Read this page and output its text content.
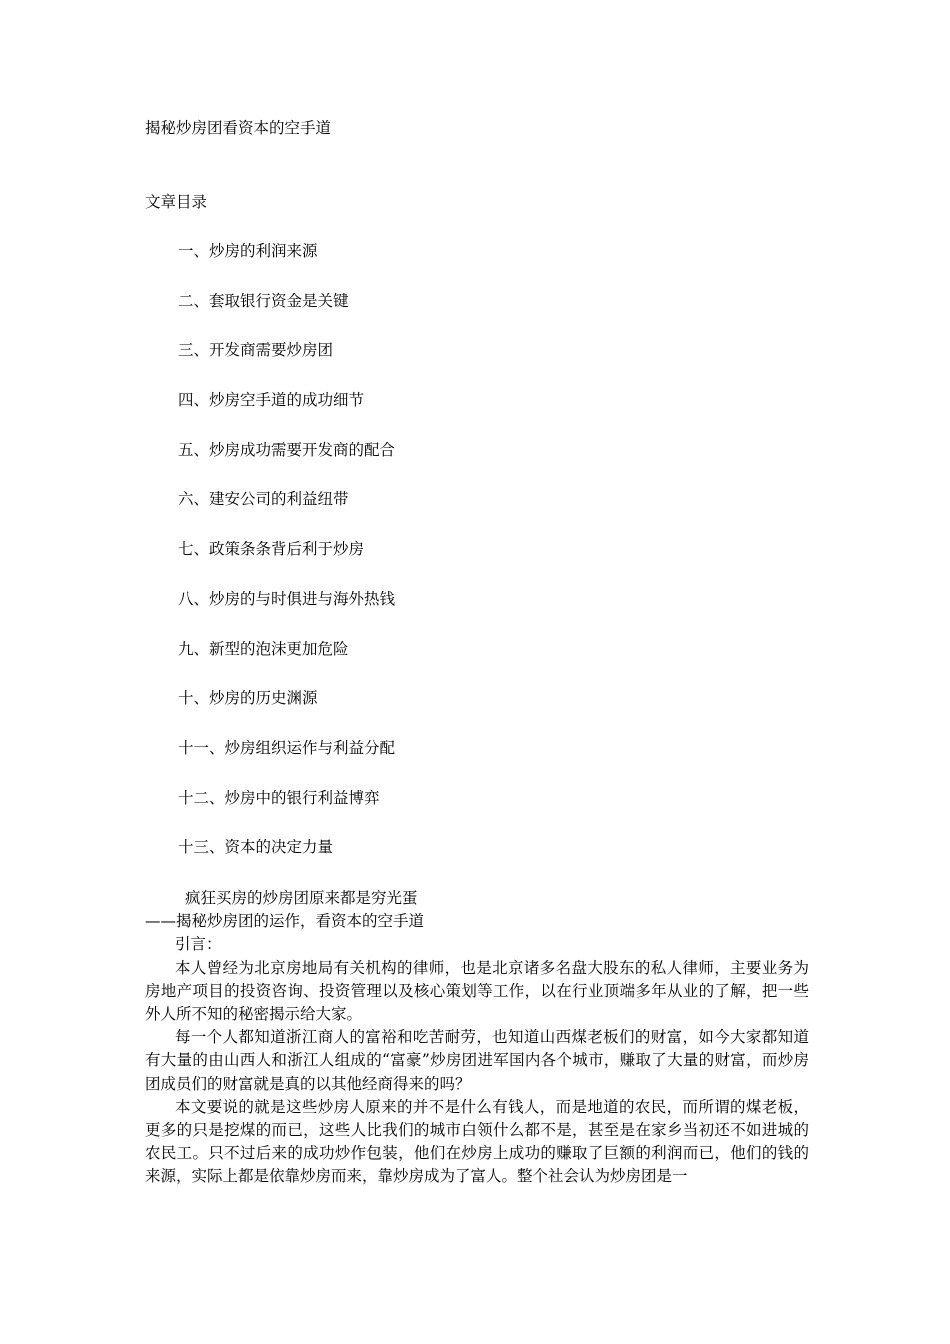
揭秘炒房团看资本的空手道
文章目录
一、炒房的利润来源
二、套取银行资金是关键
三、开发商需要炒房团
四、炒房空手道的成功细节
五、炒房成功需要开发商的配合
六、建安公司的利益纽带
七、政策条条背后利于炒房
八、炒房的与时俱进与海外热钱
九、新型的泡沫更加危险
十、炒房的历史渊源
十一、炒房组织运作与利益分配
十二、炒房中的银行利益博弈
十三、资本的决定力量

疯狂买房的炒房团原来都是穷光蛋

——揭秘炒房团的运作，看资本的空手道

引言：

本人曾经为北京房地局有关机构的律师，也是北京诸多名盘大股东的私人律师，主要业务为房地产项目的投资咨询、投资管理以及核心策划等工作，以在行业顶端多年从业的了解，把一些外人所不知的秘密揭示给大家。

每一个人都知道浙江商人的富裕和吃苦耐劳，也知道山西煤老板们的财富，如今大家都知道有大量的由山西人和浙江人组成的“富豪”炒房团进军国内各个城市，赚取了大量的财富，而炒房团成员们的财富就是真的以其他经商得来的吗？

本文要说的就是这些炒房人原来的并不是什么有钱人，而是地道的农民，而所谓的煤老板，更多的只是挖煤的而已，这些人比我们的城市白领什么都不是，甚至是在家乡当初还不如进城的农民工。只不过后来的成功炒作包装，他们在炒房上成功的赚取了巨额的利润而已，他们的钱的来源，实际上都是依靠炒房而来，靠炒房成为了富人。整个社会认为炒房团是一
